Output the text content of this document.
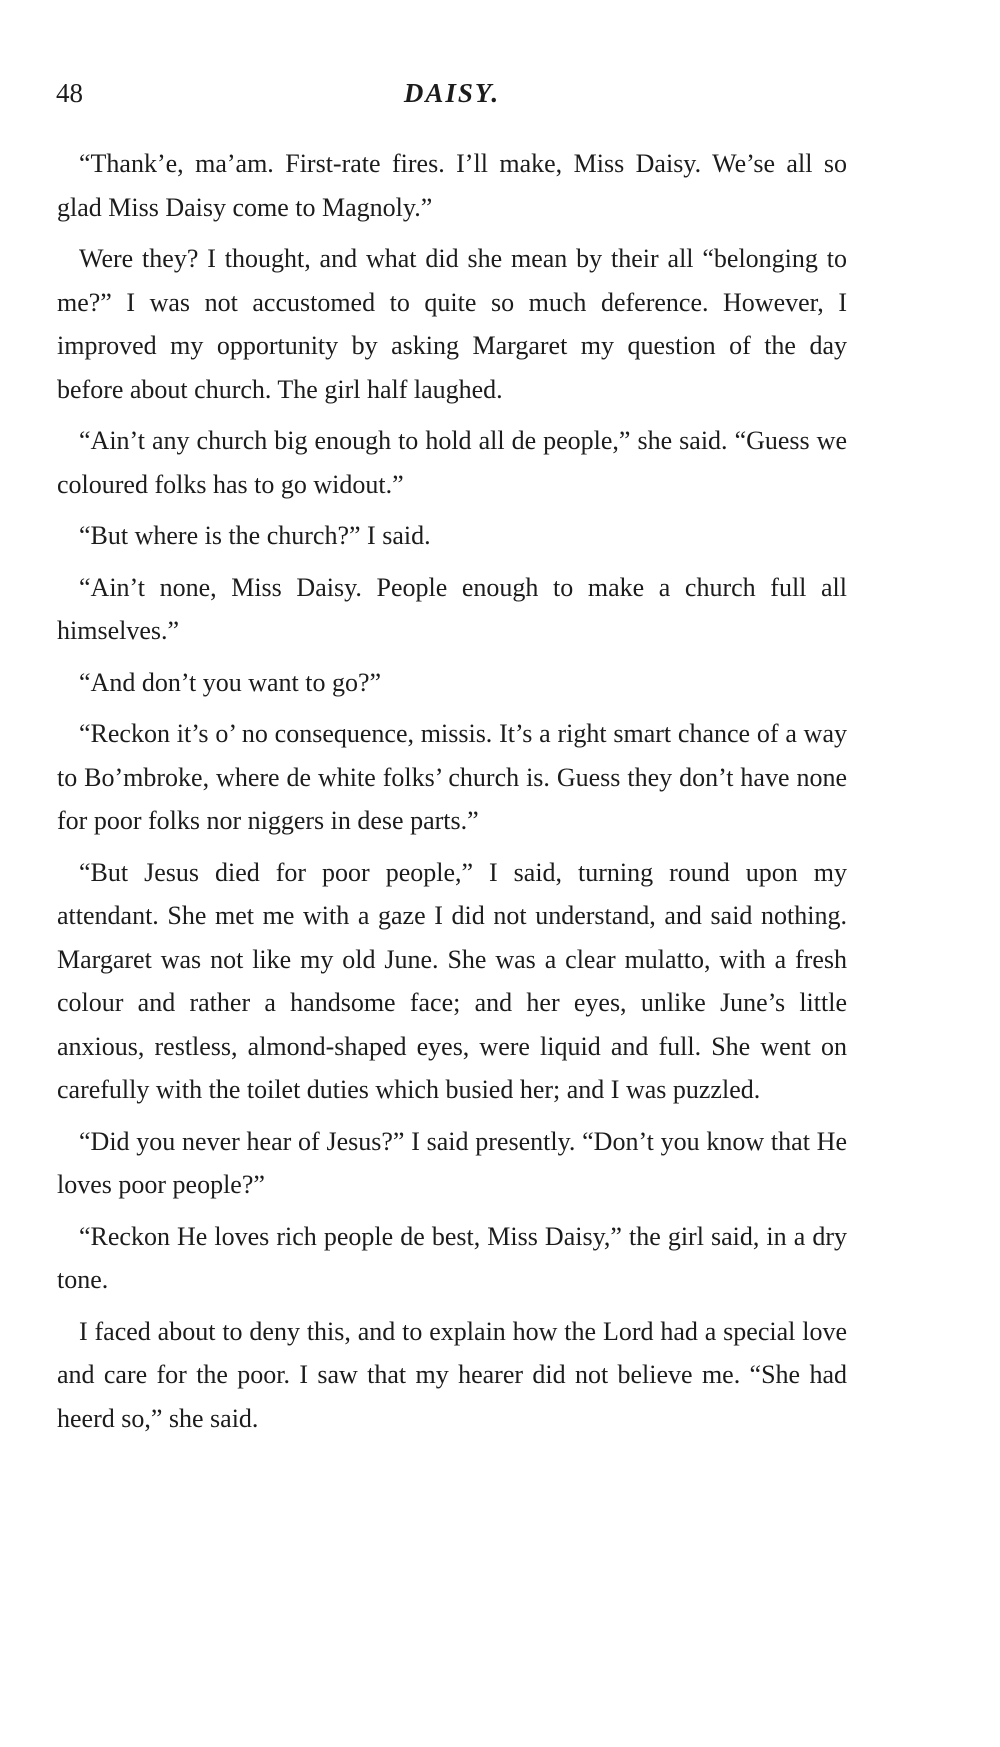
48	DAISY.

“Thank’e, ma’am. First-rate fires. I’ll make, Miss Daisy. We’se all so glad Miss Daisy come to Magnoly.”

Were they? I thought, and what did she mean by their all “belonging to me?” I was not accustomed to quite so much deference. However, I improved my opportunity by asking Margaret my question of the day before about church. The girl half laughed.

“Ain’t any church big enough to hold all de people,” she said. “Guess we coloured folks has to go widout.”

“But where is the church?” I said.

“Ain’t none, Miss Daisy. People enough to make a church full all himselves.”

“And don’t you want to go?”

“Reckon it’s o’ no consequence, missis. It’s a right smart chance of a way to Bo’mbroke, where de white folks’ church is. Guess they don’t have none for poor folks nor niggers in dese parts.”

“But Jesus died for poor people,” I said, turning round upon my attendant. She met me with a gaze I did not understand, and said nothing. Margaret was not like my old June. She was a clear mulatto, with a fresh colour and rather a handsome face; and her eyes, unlike June’s little anxious, restless, almond-shaped eyes, were liquid and full. She went on carefully with the toilet duties which busied her; and I was puzzled.

“Did you never hear of Jesus?” I said presently. “Don’t you know that He loves poor people?”

“Reckon He loves rich people de best, Miss Daisy,” the girl said, in a dry tone.

I faced about to deny this, and to explain how the Lord had a special love and care for the poor. I saw that my hearer did not believe me. “She had heerd so,” she said.
